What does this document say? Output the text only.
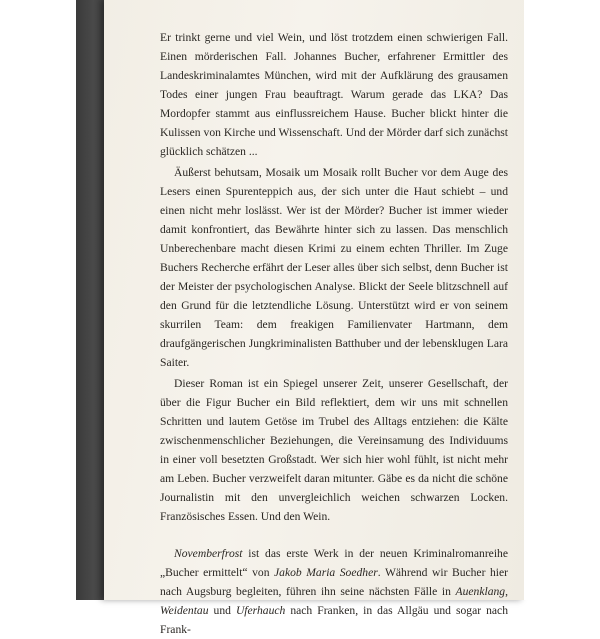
Er trinkt gerne und viel Wein, und löst trotzdem einen schwierigen Fall. Einen mörderischen Fall. Johannes Bucher, erfahrener Ermittler des Landeskriminalamtes München, wird mit der Aufklärung des grausamen Todes einer jungen Frau beauftragt. Warum gerade das LKA? Das Mordopfer stammt aus einflussreichem Hause. Bucher blickt hinter die Kulissen von Kirche und Wissenschaft. Und der Mörder darf sich zunächst glücklich schätzen ...

Äußerst behutsam, Mosaik um Mosaik rollt Bucher vor dem Auge des Lesers einen Spurenteppich aus, der sich unter die Haut schiebt – und einen nicht mehr loslässt. Wer ist der Mörder? Bucher ist immer wieder damit konfrontiert, das Bewährte hinter sich zu lassen. Das menschlich Unberechenbare macht diesen Krimi zu einem echten Thriller. Im Zuge Buchers Recherche erfährt der Leser alles über sich selbst, denn Bucher ist der Meister der psychologischen Analyse. Blickt der Seele blitzschnell auf den Grund für die letztendliche Lösung. Unterstützt wird er von seinem skurrilen Team: dem freakigen Familienvater Hartmann, dem draufgängerischen Jungkriminalisten Batthuber und der lebensklugen Lara Saiter.

Dieser Roman ist ein Spiegel unserer Zeit, unserer Gesellschaft, der über die Figur Bucher ein Bild reflektiert, dem wir uns mit schnellen Schritten und lautem Getöse im Trubel des Alltags entziehen: die Kälte zwischenmenschlicher Beziehungen, die Vereinsamung des Individuums in einer voll besetzten Großstadt. Wer sich hier wohl fühlt, ist nicht mehr am Leben. Bucher verzweifelt daran mitunter. Gäbe es da nicht die schöne Journalistin mit den unvergleichlich weichen schwarzen Locken. Französisches Essen. Und den Wein.

Novemberfrost ist das erste Werk in der neuen Kriminalromanreihe „Bucher ermittelt“ von Jakob Maria Soedher. Während wir Bucher hier nach Augsburg begleiten, führen ihn seine nächsten Fälle in Auenklang, Weidentau und Uferhauch nach Franken, in das Allgäu und sogar nach Frank-
